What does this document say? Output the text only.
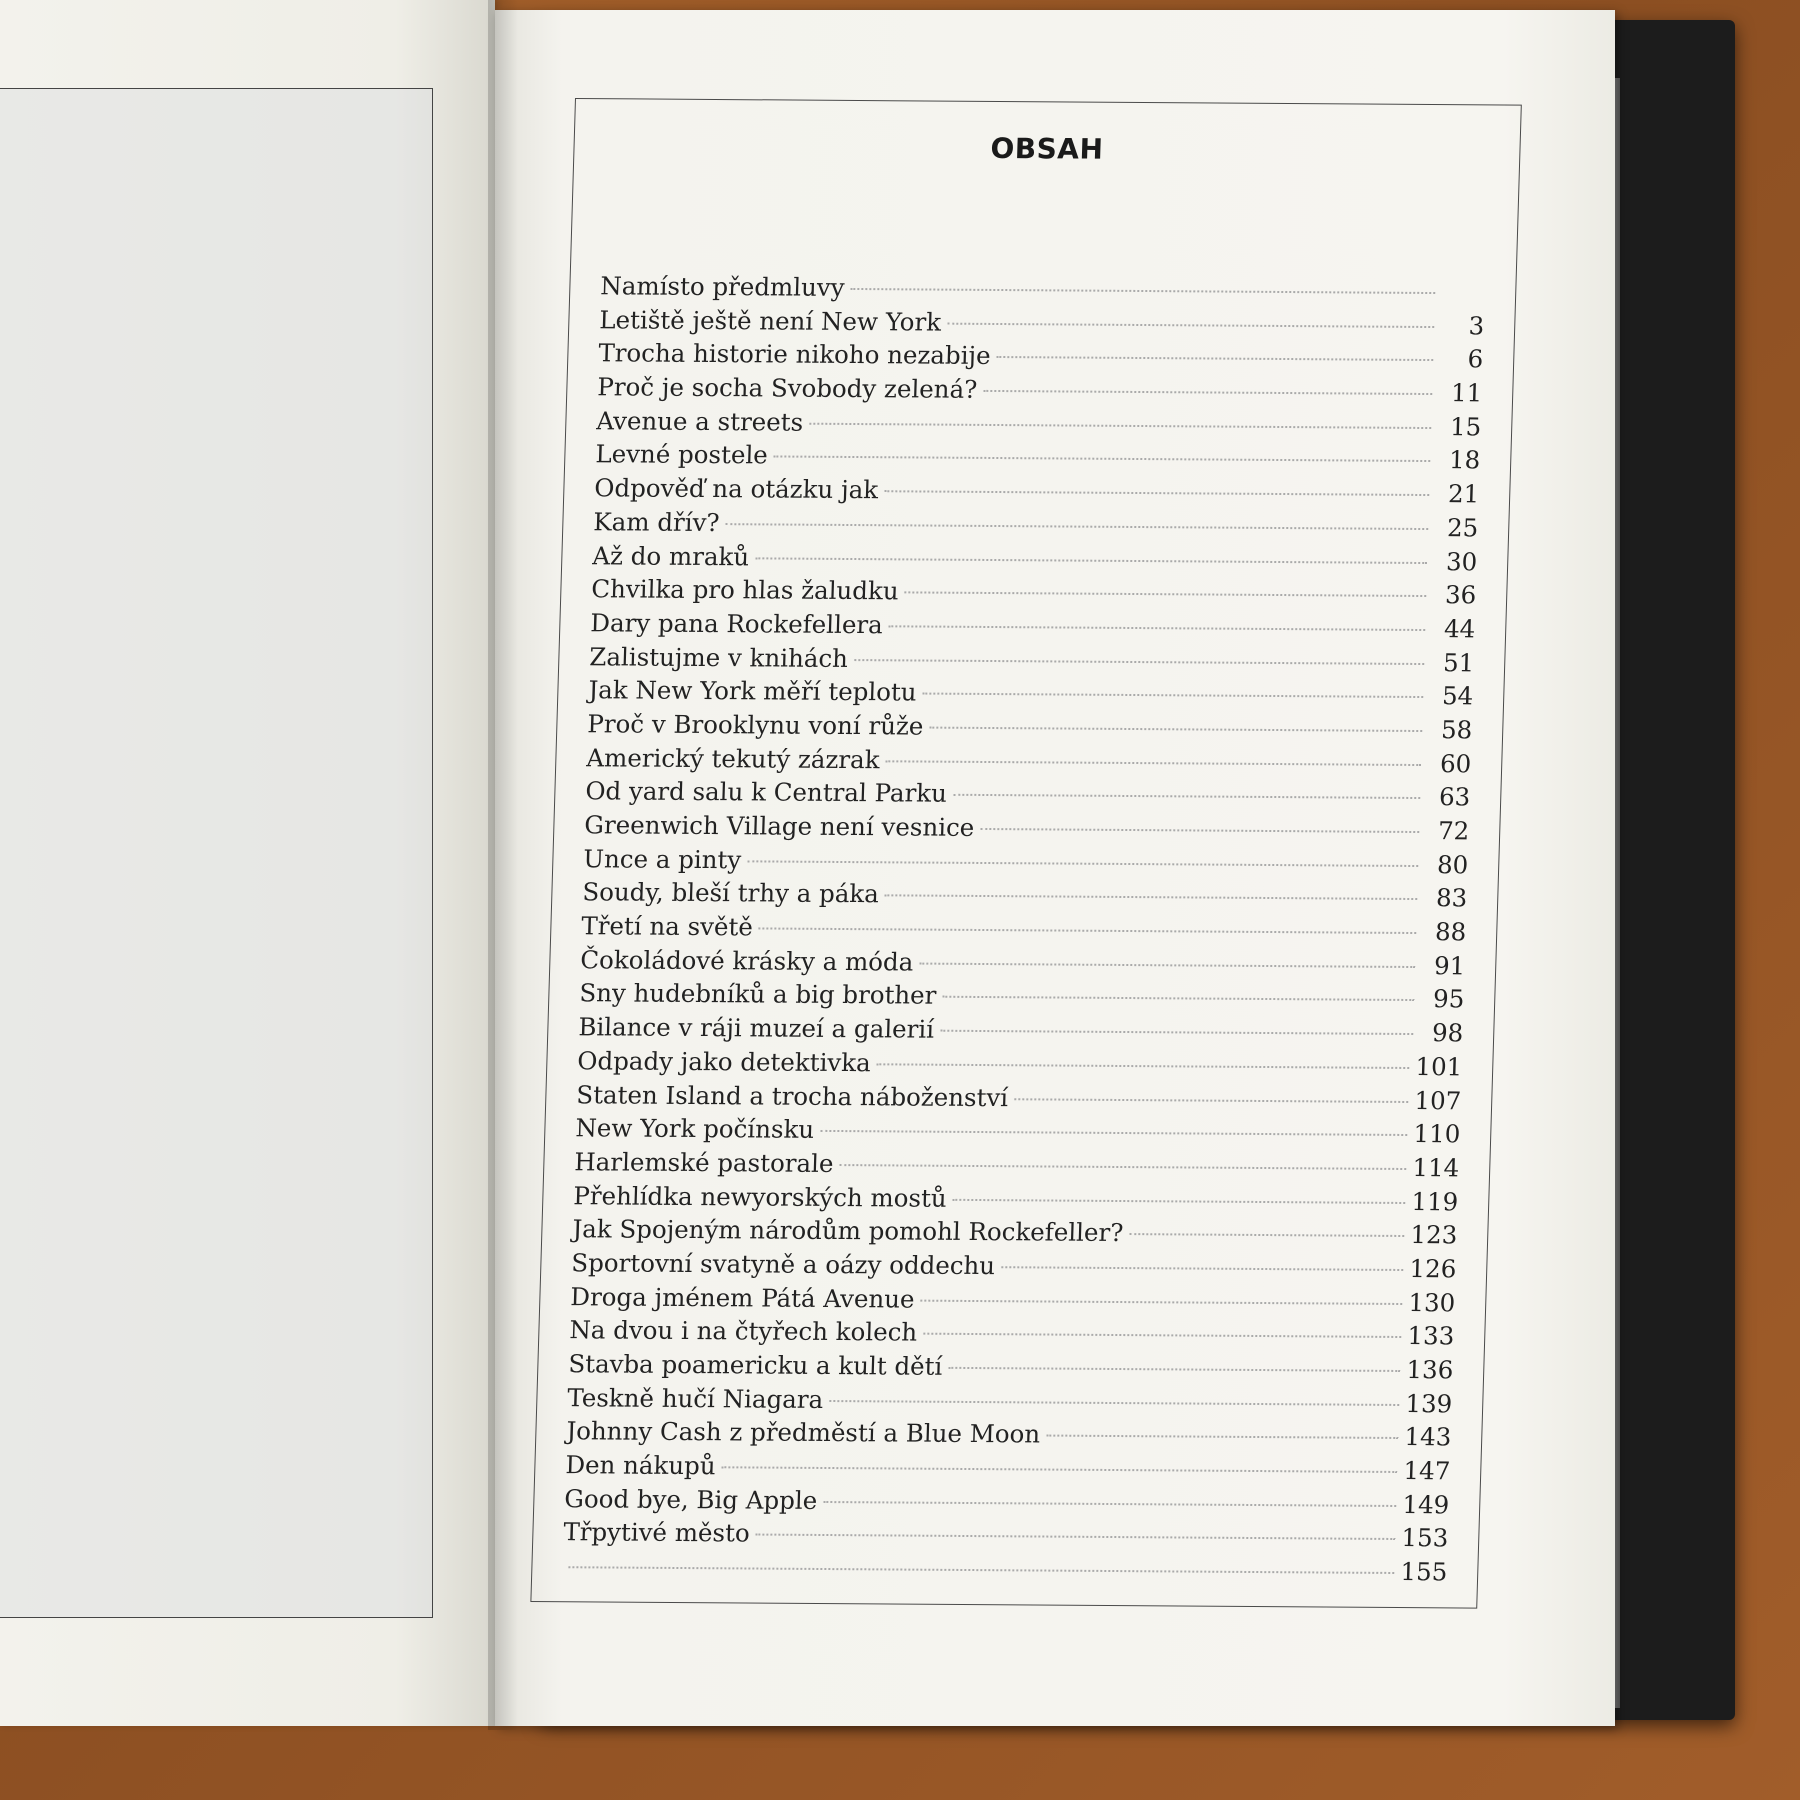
OBSAH
Namísto předmluvy
Letiště ještě není New York	3
Trocha historie nikoho nezabije	6
Proč je socha Svobody zelená?	11
Avenue a streets	15
Levné postele	18
Odpověď na otázku jak	21
Kam dřív?	25
Až do mraků	30
Chvilka pro hlas žaludku	36
Dary pana Rockefellera	44
Zalistujme v knihách	51
Jak New York měří teplotu	54
Proč v Brooklynu voní růže	58
Americký tekutý zázrak	60
Od yard salu k Central Parku	63
Greenwich Village není vesnice	72
Unce a pinty	80
Soudy, bleší trhy a páka	83
Třetí na světě	88
Čokoládové krásky a móda	91
Sny hudebníků a big brother	95
Bilance v ráji muzeí a galerií	98
Odpady jako detektivka	101
Staten Island a trocha náboženství	107
New York počínsku	110
Harlemské pastorale	114
Přehlídka newyorských mostů	119
Jak Spojeným národům pomohl Rockefeller?	123
Sportovní svatyně a oázy oddechu	126
Droga jménem Pátá Avenue	130
Na dvou i na čtyřech kolech	133
Stavba poamericku a kult dětí	136
Teskně hučí Niagara	139
Johnny Cash z předměstí a Blue Moon	143
Den nákupů	147
Good bye, Big Apple	149
Třpytivé město	153
155
